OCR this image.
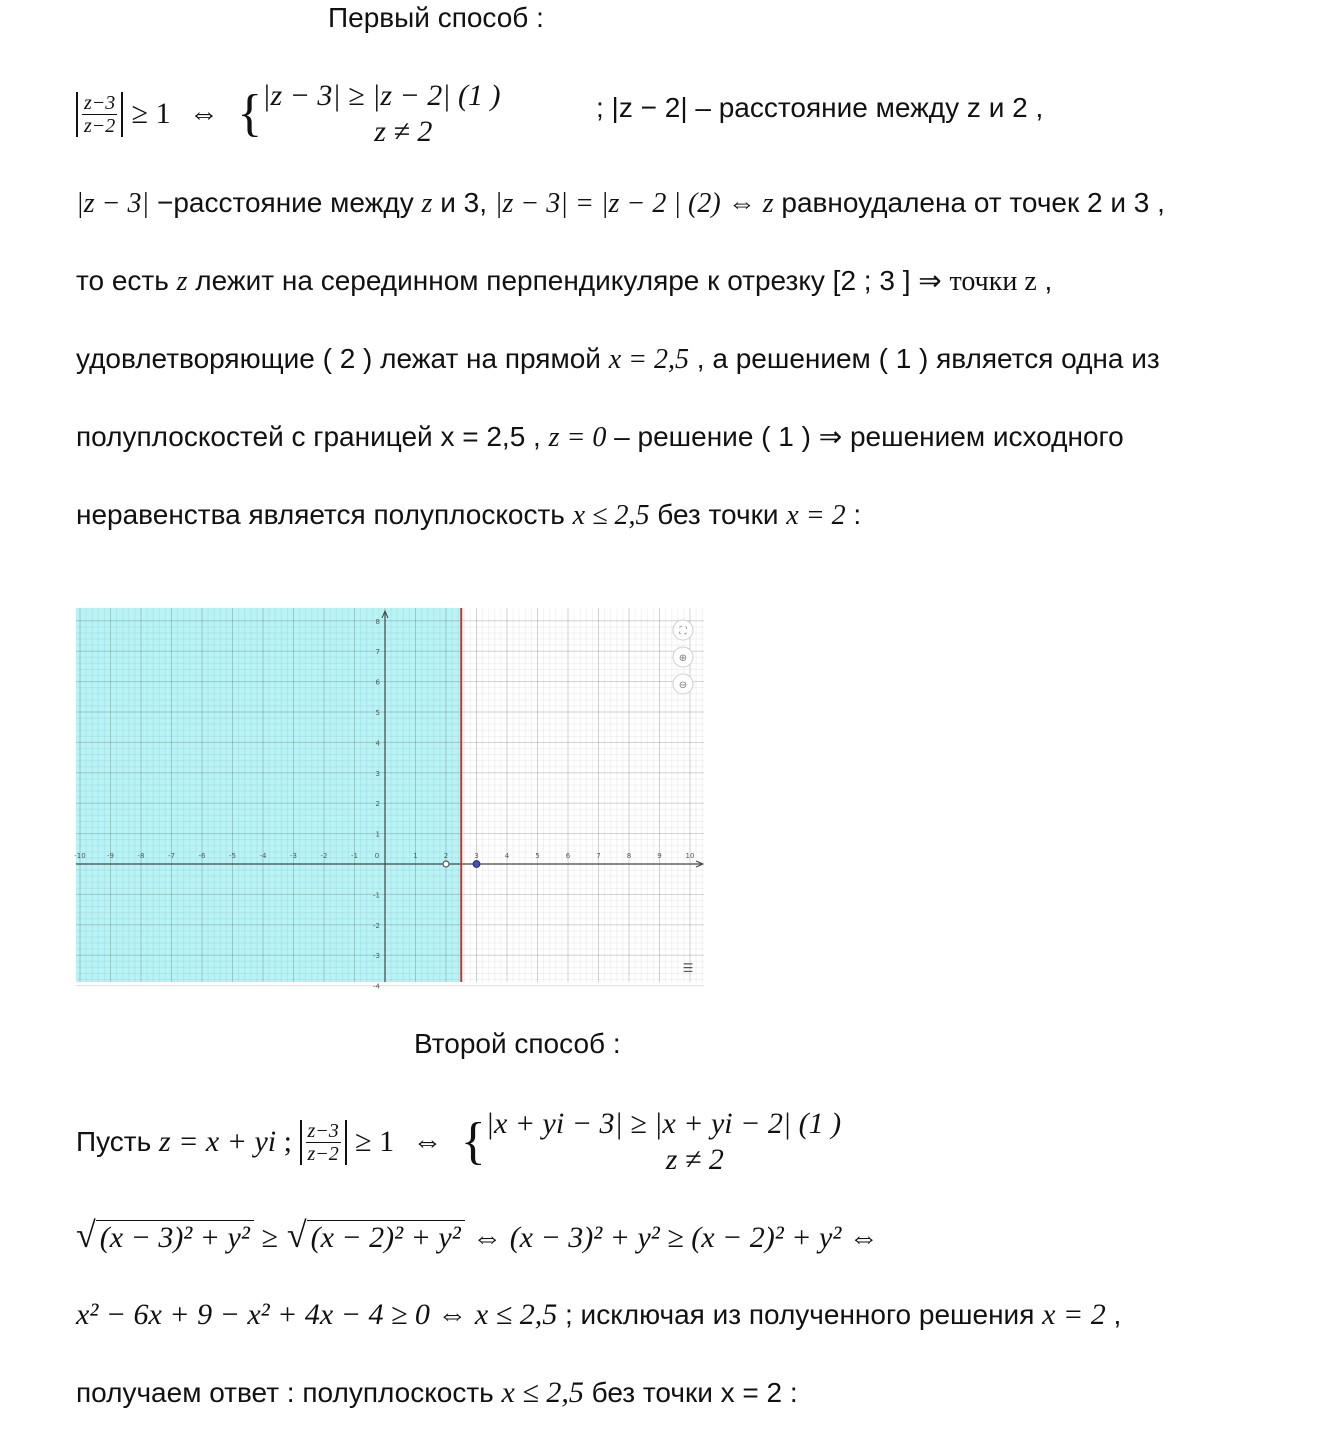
Первый способ :
$\frac{z-3}{z-2} \ge 1$ ⇔ { |z − 3| ≥ |z − 2| (1 )
z ≠ 2
; |z − 2| – расстояние между z и 2 ,
|z − 3| −расстояние между z и 3, |z − 3| = |z − 2 | (2) ⇔ z равноудалена от точек 2 и 3 ,
то есть z лежит на серединном перпендикуляре к отрезку [2 ; 3 ] ⇒ точки z ,
удовлетворяющие ( 2 ) лежат на прямой x = 2,5 , а решением ( 1 ) является одна из
полуплоскостей с границей x = 2,5 , z = 0 – решение ( 1 ) ⇒ решением исходного
неравенства является полуплоскость x ≤ 2,5 без точки x = 2 :
-10	-9	-8	-7	-6	-5	-4	-3	-2	-1 0	1	2	3	4	5	6	7	8	9	10
-4
-3
-2
-1
1
2
3
4
5
6
7
8
⛶
⊕
⊖
☰
Второй способ :
Пусть z = x + yi ; $\frac{z-3}{z-2} \ge 1$ ⇔ { |x + yi − 3| ≥ |x + yi − 2| (1 )
z ≠ 2
√ (x − 3)² + y² ≥ √ (x − 2)² + y² ⇔ (x − 3)² + y² ≥ (x − 2)² + y² ⇔
x² − 6x + 9 − x² + 4x − 4 ≥ 0 ⇔ x ≤ 2,5 ; исключая из полученного решения x = 2 ,
получаем ответ : полуплоскость x ≤ 2,5 без точки x = 2 :
